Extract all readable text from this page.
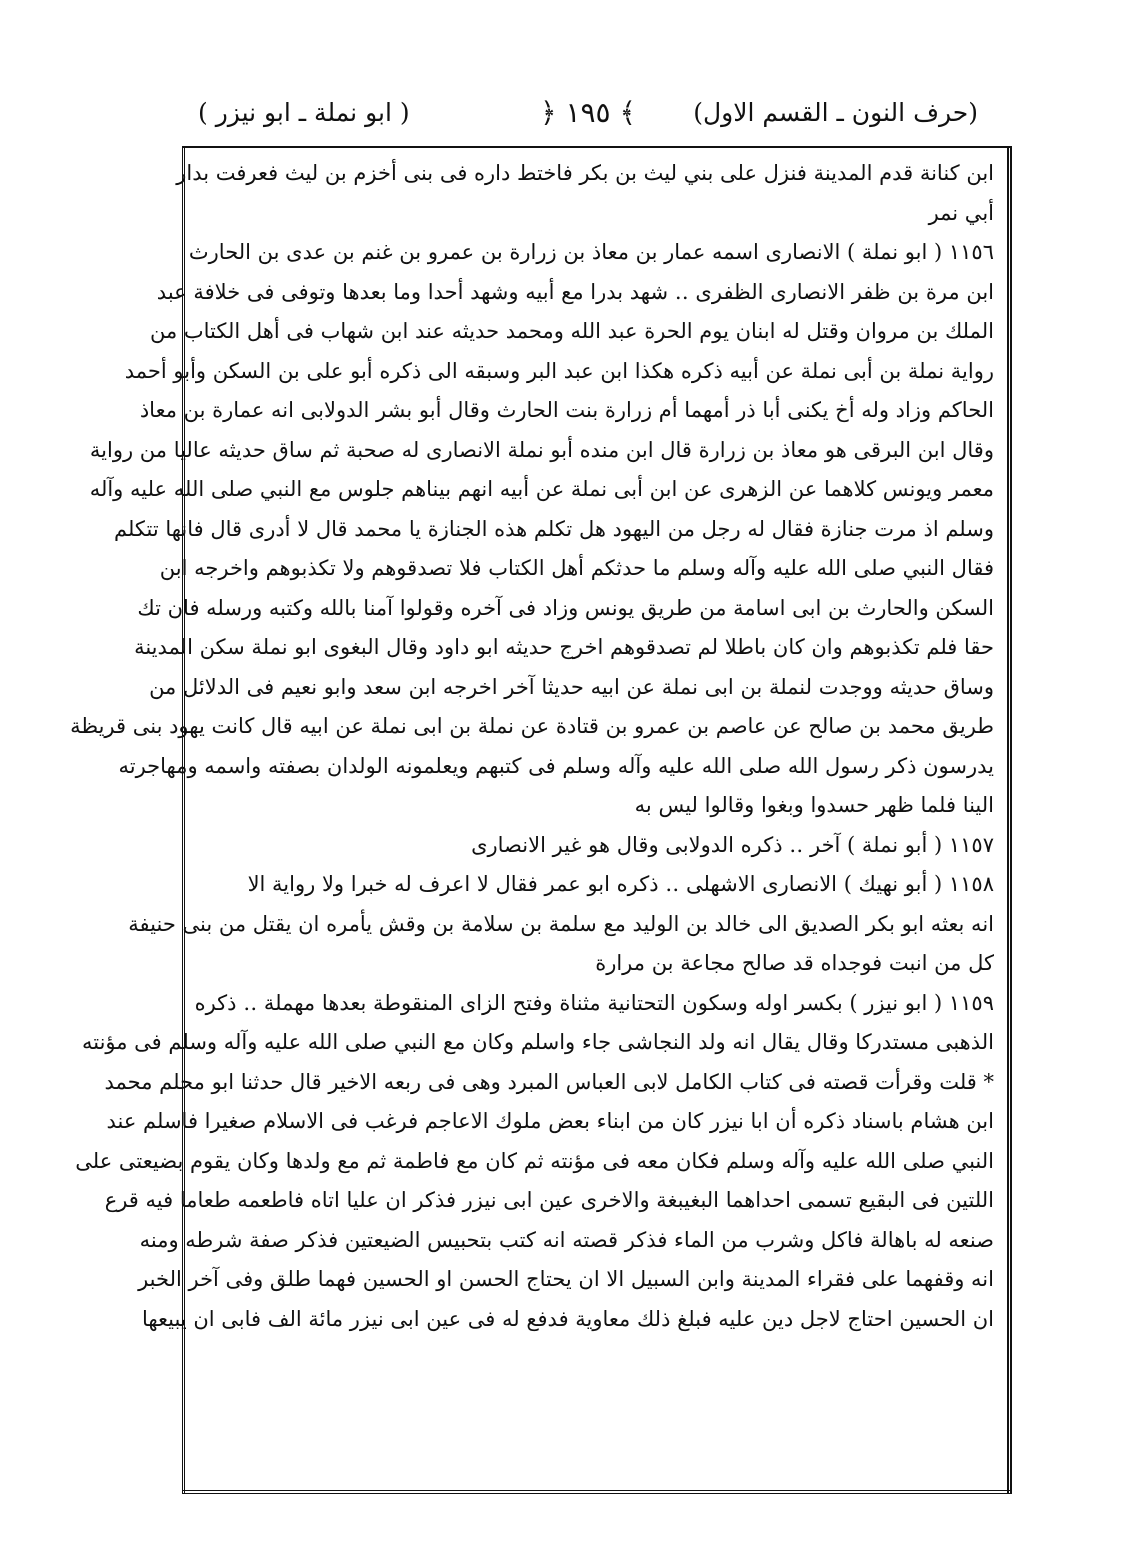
(حرف النون ـ القسم الاول)
﴿ ١٩٥ ﴾
( ابو نملة ـ ابو نيزر )
ابن كنانة قدم المدينة فنزل على بني ليث بن بكر فاختط داره فى بنى أخزم بن ليث فعرفت بدار
أبي نمر
١١٥٦ ( ابو نملة ) الانصارى اسمه عمار بن معاذ بن زرارة بن عمرو بن غنم بن عدى بن الحارث
ابن مرة بن ظفر الانصارى الظفرى ‥ شهد بدرا مع أبيه وشهد أحدا وما بعدها وتوفى فى خلافة عبد
الملك بن مروان وقتل له ابنان يوم الحرة عبد الله ومحمد حديثه عند ابن شهاب فى أهل الكتاب من
رواية نملة بن أبى نملة عن أبيه ذكره هكذا ابن عبد البر وسبقه الى ذكره أبو على بن السكن وأبو أحمد
الحاكم وزاد وله أخ يكنى أبا ذر أمهما أم زرارة بنت الحارث وقال أبو بشر الدولابى انه عمارة بن معاذ
وقال ابن البرقى هو معاذ بن زرارة قال ابن منده أبو نملة الانصارى له صحبة ثم ساق حديثه عاليا من رواية
معمر ويونس كلاهما عن الزهرى عن ابن أبى نملة عن أبيه انهم بيناهم جلوس مع النبي صلى الله عليه وآله
وسلم اذ مرت جنازة فقال له رجل من اليهود هل تكلم هذه الجنازة يا محمد قال لا أدرى قال فانها تتكلم
فقال النبي صلى الله عليه وآله وسلم ما حدثكم أهل الكتاب فلا تصدقوهم ولا تكذبوهم واخرجه ابن
السكن والحارث بن ابى اسامة من طريق يونس وزاد فى آخره وقولوا آمنا بالله وكتبه ورسله فان تك
حقا فلم تكذبوهم وان كان باطلا لم تصدقوهم اخرج حديثه ابو داود وقال البغوى ابو نملة سكن المدينة
وساق حديثه ووجدت لنملة بن ابى نملة عن ابيه حديثا آخر اخرجه ابن سعد وابو نعيم فى الدلائل من
طريق محمد بن صالح عن عاصم بن عمرو بن قتادة عن نملة بن ابى نملة عن ابيه قال كانت يهود بنى قريظة
يدرسون ذكر رسول الله صلى الله عليه وآله وسلم فى كتبهم ويعلمونه الولدان بصفته واسمه ومهاجرته
الينا فلما ظهر حسدوا وبغوا وقالوا ليس به
١١٥٧ ( أبو نملة ) آخر ‥ ذكره الدولابى وقال هو غير الانصارى
١١٥٨ ( أبو نهيك ) الانصارى الاشهلى ‥ ذكره ابو عمر فقال لا اعرف له خبرا ولا رواية الا
انه بعثه ابو بكر الصديق الى خالد بن الوليد مع سلمة بن سلامة بن وقش يأمره ان يقتل من بنى حنيفة
كل من انبت فوجداه قد صالح مجاعة بن مرارة
١١٥٩ ( ابو نيزر ) بكسر اوله وسكون التحتانية مثناة وفتح الزاى المنقوطة بعدها مهملة ‥ ذكره
الذهبى مستدركا وقال يقال انه ولد النجاشى جاء واسلم وكان مع النبي صلى الله عليه وآله وسلم فى مؤنته
* قلت وقرأت قصته فى كتاب الكامل لابى العباس المبرد وهى فى ربعه الاخير قال حدثنا ابو محلم محمد
ابن هشام باسناد ذكره أن ابا نيزر كان من ابناء بعض ملوك الاعاجم فرغب فى الاسلام صغيرا فاسلم عند
النبي صلى الله عليه وآله وسلم فكان معه فى مؤنته ثم كان مع فاطمة ثم مع ولدها وكان يقوم بضيعتى على
اللتين فى البقيع تسمى احداهما البغيبغة والاخرى عين ابى نيزر فذكر ان عليا اتاه فاطعمه طعاما فيه قرع
صنعه له باهالة فاكل وشرب من الماء فذكر قصته انه كتب بتحبيس الضيعتين فذكر صفة شرطه ومنه
انه وقفهما على فقراء المدينة وابن السبيل الا ان يحتاج الحسن او الحسين فهما طلق وفى آخر الخبر
ان الحسين احتاج لاجل دين عليه فبلغ ذلك معاوية فدفع له فى عين ابى نيزر مائة الف فابى ان يبيعها
